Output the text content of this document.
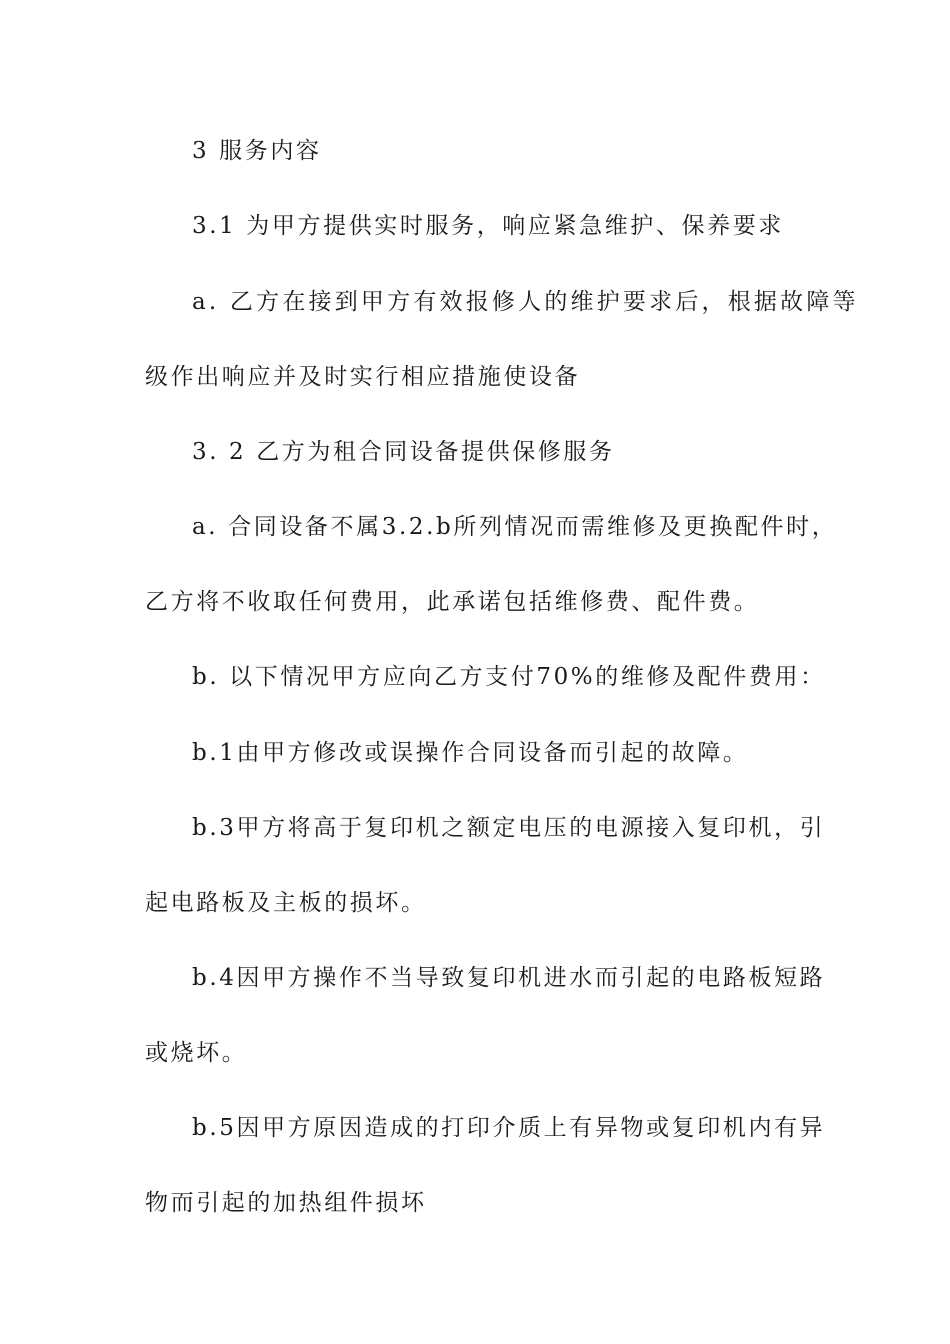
3 服务内容
3.1 为甲方提供实时服务，响应紧急维护、保养要求
a. 乙方在接到甲方有效报修人的维护要求后，根据故障等
级作出响应并及时实行相应措施使设备
3. 2 乙方为租合同设备提供保修服务
a. 合同设备不属3.2.b所列情况而需维修及更换配件时，
乙方将不收取任何费用，此承诺包括维修费、配件费。
b. 以下情况甲方应向乙方支付70%的维修及配件费用：
b.1由甲方修改或误操作合同设备而引起的故障。
b.3甲方将高于复印机之额定电压的电源接入复印机，引
起电路板及主板的损坏。
b.4因甲方操作不当导致复印机进水而引起的电路板短路
或烧坏。
b.5因甲方原因造成的打印介质上有异物或复印机内有异
物而引起的加热组件损坏
